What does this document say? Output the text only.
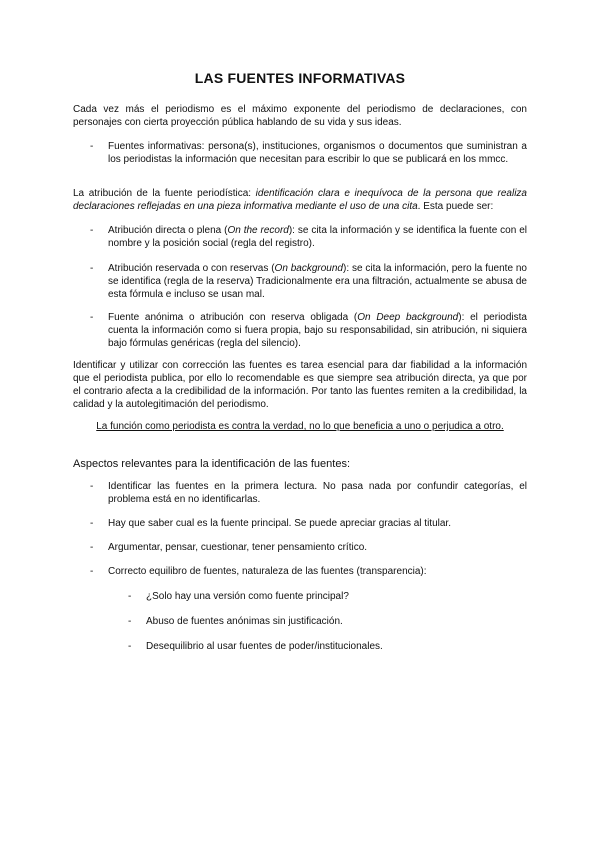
LAS FUENTES INFORMATIVAS

Cada vez más el periodismo es el máximo exponente del periodismo de declaraciones, con personajes con cierta proyección pública hablando de su vida y sus ideas.

- Fuentes informativas: persona(s), instituciones, organismos o documentos que suministran a los periodistas la información que necesitan para escribir lo que se publicará en los mmcc.

La atribución de la fuente periodística: identificación clara e inequívoca de la persona que realiza declaraciones reflejadas en una pieza informativa mediante el uso de una cita. Esta puede ser:

- Atribución directa o plena (On the record): se cita la información y se identifica la fuente con el nombre y la posición social (regla del registro).
- Atribución reservada o con reservas (On background): se cita la información, pero la fuente no se identifica (regla de la reserva) Tradicionalmente era una filtración, actualmente se abusa de esta fórmula e incluso se usan mal.
- Fuente anónima o atribución con reserva obligada (On Deep background): el periodista cuenta la información como si fuera propia, bajo su responsabilidad, sin atribución, ni siquiera bajo fórmulas genéricas (regla del silencio).

Identificar y utilizar con corrección las fuentes es tarea esencial para dar fiabilidad a la información que el periodista publica, por ello lo recomendable es que siempre sea atribución directa, ya que por el contrario afecta a la credibilidad de la información. Por tanto las fuentes remiten a la credibilidad, la calidad y la autolegitimación del periodismo.

La función como periodista es contra la verdad, no lo que beneficia a uno o perjudica a otro.
Aspectos relevantes para la identificación de las fuentes:
- Identificar las fuentes en la primera lectura. No pasa nada por confundir categorías, el problema está en no identificarlas.
- Hay que saber cual es la fuente principal. Se puede apreciar gracias al titular.
- Argumentar, pensar, cuestionar, tener pensamiento crítico.
- Correcto equilibro de fuentes, naturaleza de las fuentes (transparencia):
- ¿Solo hay una versión como fuente principal?
- Abuso de fuentes anónimas sin justificación.
- Desequilibrio al usar fuentes de poder/institucionales.
